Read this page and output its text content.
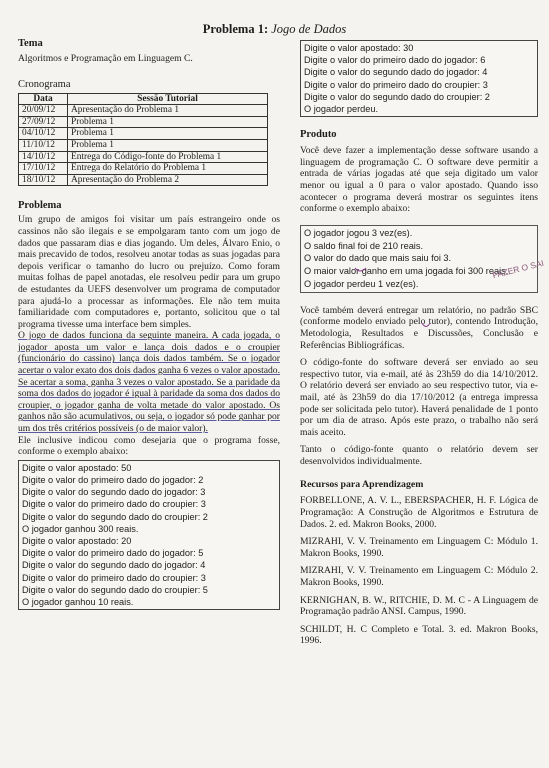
Problema 1: Jogo de Dados

Tema

Algoritmos e Programação em Linguagem C.

Cronograma

Data	Sessão Tutorial
20/09/12	Apresentação do Problema 1
27/09/12	Problema 1
04/10/12	Problema 1
11/10/12	Problema 1
14/10/12	Entrega do Código-fonte do Problema 1
17/10/12	Entrega do Relatório do Problema 1
18/10/12	Apresentação do Problema 2

Problema

Um grupo de amigos foi visitar um país estrangeiro onde os cassinos não são ilegais e se empolgaram tanto com um jogo de dados que passaram dias e dias jogando. Um deles, Álvaro Enio, o mais precavido de todos, resolveu anotar todas as suas jogadas para depois verificar o tamanho do lucro ou prejuízo. Como foram muitas folhas de papel anotadas, ele resolveu pedir para um grupo de estudantes da UEFS desenvolver um programa de computador para ajudá-lo a processar as informações. Ele não tem muita familiaridade com computadores e, portanto, solicitou que o tal programa tivesse uma interface bem simples.

O jogo de dados funciona da seguinte maneira. A cada jogada, o jogador aposta um valor e lança dois dados e o croupier (funcionário do cassino) lança dois dados também. Se o jogador acertar o valor exato dos dois dados ganha 6 vezes o valor apostado. Se acertar a soma, ganha 3 vezes o valor apostado. Se a paridade da soma dos dados do jogador é igual à paridade da soma dos dados do croupier, o jogador ganha de volta metade do valor apostado. Os ganhos não são acumulativos, ou seja, o jogador só pode ganhar por um dos três critérios possíveis (o de maior valor).

Ele inclusive indicou como desejaria que o programa fosse, conforme o exemplo abaixo:

Digite o valor apostado: 50
Digite o valor do primeiro dado do jogador: 2
Digite o valor do segundo dado do jogador: 3
Digite o valor do primeiro dado do croupier: 3
Digite o valor do segundo dado do croupier: 2
O jogador ganhou 300 reais.
Digite o valor apostado: 20
Digite o valor do primeiro dado do jogador: 5
Digite o valor do segundo dado do jogador: 4
Digite o valor do primeiro dado do croupier: 3
Digite o valor do segundo dado do croupier: 5
O jogador ganhou 10 reais.
Digite o valor apostado: 30
Digite o valor do primeiro dado do jogador: 6
Digite o valor do segundo dado do jogador: 4
Digite o valor do primeiro dado do croupier: 3
Digite o valor do segundo dado do croupier: 2
O jogador perdeu.

Produto

Você deve fazer a implementação desse software usando a linguagem de programação C. O software deve permitir a entrada de várias jogadas até que seja digitado um valor menor ou igual a 0 para o valor apostado. Quando isso acontecer o programa deverá mostrar os seguintes itens conforme o exemplo abaixo:

O jogador jogou 3 vez(es).
O saldo final foi de 210 reais.
O valor do dado que mais saiu foi 3.
O maior valor ganho em uma jogada foi 300 reais.
O jogador perdeu 1 vez(es).

Você também deverá entregar um relatório, no padrão SBC (conforme modelo enviado pelo tutor), contendo Introdução, Metodologia, Resultados e Discussões, Conclusão e Referências Bibliográficas.

O código-fonte do software deverá ser enviado ao seu respectivo tutor, via e-mail, até às 23h59 do dia 14/10/2012. O relatório deverá ser enviado ao seu respectivo tutor, via e-mail, até às 23h59 do dia 17/10/2012 (a entrega impressa pode ser solicitada pelo tutor). Haverá penalidade de 1 ponto por um dia de atraso. Após este prazo, o trabalho não será mais aceito.

Tanto o código-fonte quanto o relatório devem ser desenvolvidos individualmente.

Recursos para Aprendizagem

FORBELLONE, A. V. L., EBERSPACHER, H. F. Lógica de Programação: A Construção de Algoritmos e Estrutura de Dados. 2. ed. Makron Books, 2000.

MIZRAHI, V. V. Treinamento em Linguagem C: Módulo 1. Makron Books, 1990.

MIZRAHI, V. V. Treinamento em Linguagem C: Módulo 2. Makron Books, 1990.

KERNIGHAN, B. W., RITCHIE, D. M. C - A Linguagem de Programação padrão ANSI. Campus, 1990.

SCHILDT, H. C Completo e Total. 3. ed. Makron Books, 1996.

FAZER O SAI
